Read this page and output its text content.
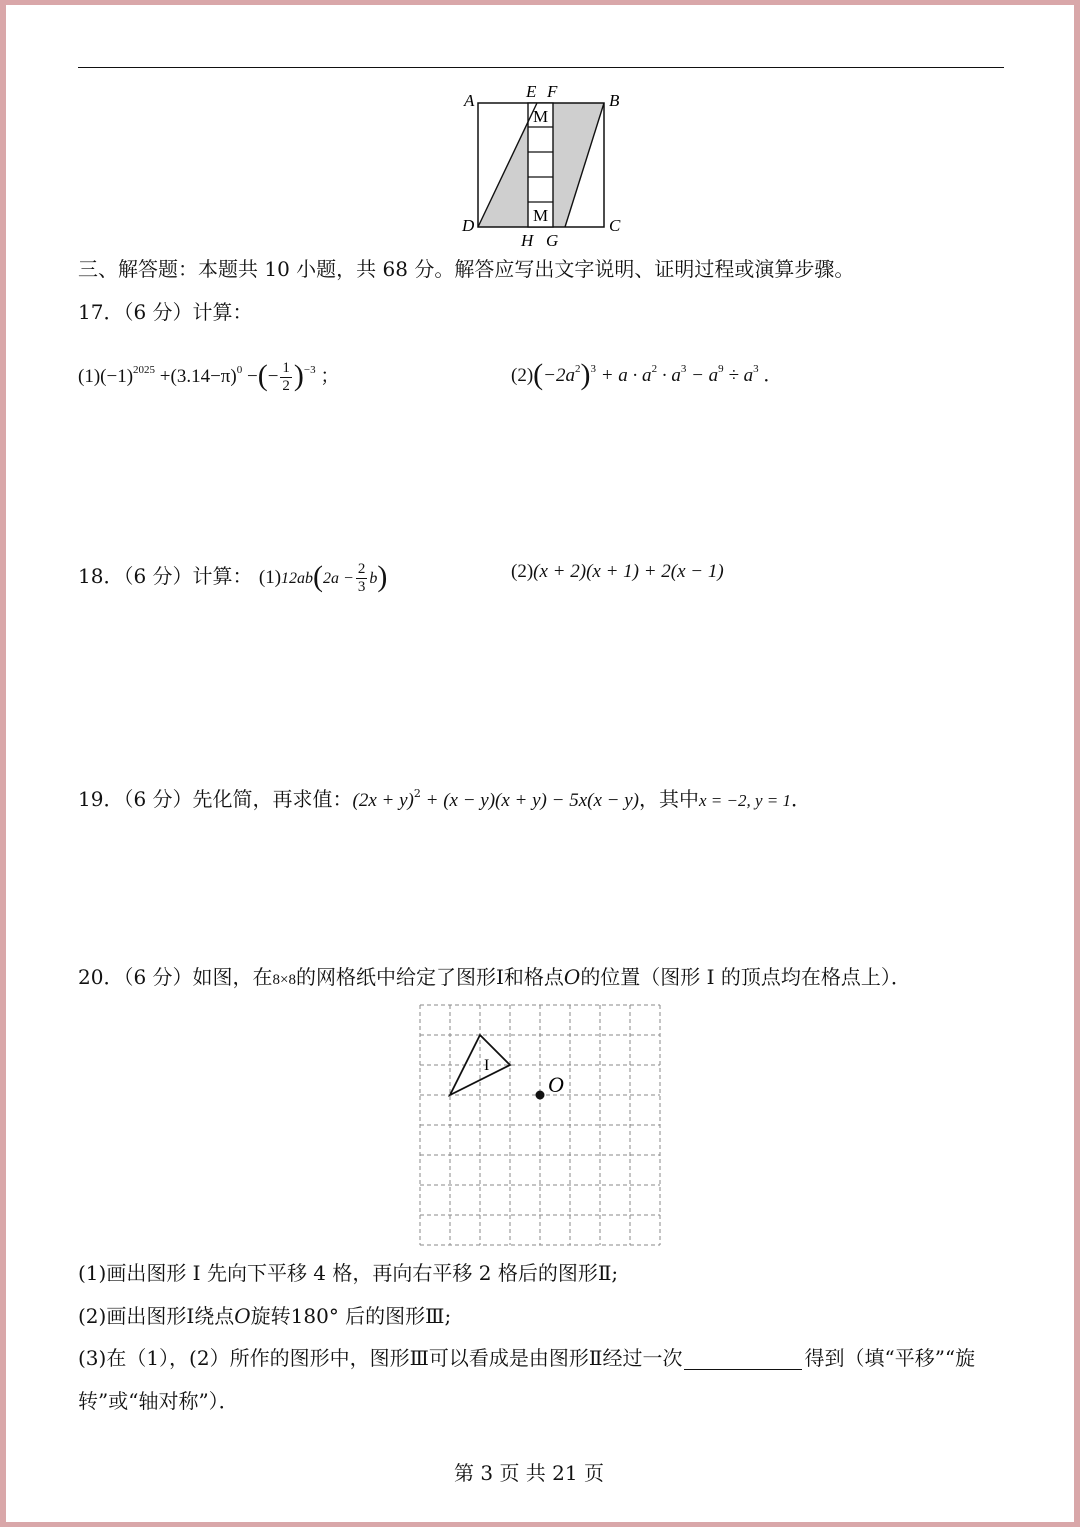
M
M
A	E F	B
D
H G
C
三、解答题：本题共 10 小题，共 68 分。解答应写出文字说明、证明过程或演算步骤。
17．（6 分）计算：
$(1)(-1)^{2025} +(3.14-\pi)^0$ −(− $\frac{1}{2} )^{-3}$ ；	$(2)(-2a^2)^3 + a \cdot a^2 \cdot a^3 - a^9 \div a^3$ ．
18．（6 分）计算： $(1)12ab(2a - \frac{2}{3} b)$	(2)(x + 2)(x + 1) + 2(x − 1)
19．（6 分）先化简，再求值：$(2x + y)^2 + (x - y)(x + y) - 5x(x - y)$，其中x = −2, y = 1．
20．（6 分）如图，在8×8的网格纸中给定了图形Ⅰ和格点O的位置（图形 I 的顶点均在格点上）．
I
O
(1)画出图形 I 先向下平移 4 格，再向右平移 2 格后的图形Ⅱ;
(2)画出图形Ⅰ绕点O旋转180° 后的图形Ⅲ;
(3)在（1），(2）所作的图形中，图形Ⅲ可以看成是由图形Ⅱ经过一次	得到（填“平移”“旋
转”或“轴对称”）．
第 3 页 共 21 页
